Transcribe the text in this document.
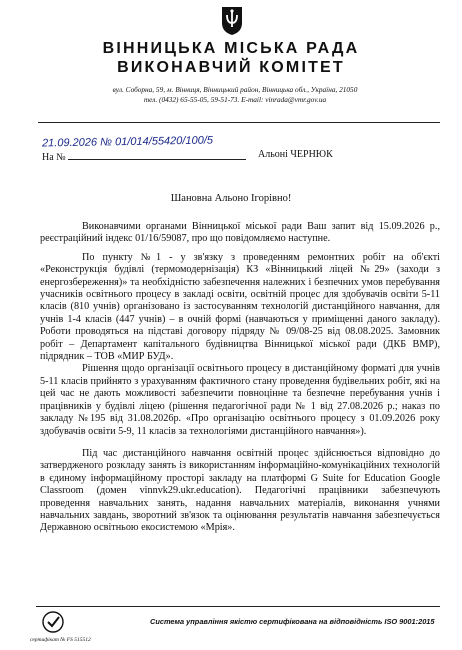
ВІННИЦЬКА МІСЬКА РАДА
ВИКОНАВЧИЙ КОМІТЕТ
вул. Соборна, 59, м. Вінниця, Вінницький район, Вінницька обл., Україна, 21050
тел. (0432) 65-55-05, 59-51-73. E-mail: vinrada@vmr.gov.ua
21.09.2026 № 01/014/55420/100/5
На №	Альоні ЧЕРНЮК
Шановна Альоно Ігорівно!

Виконавчими органами Вінницької міської ради Ваш запит від 15.09.2026 р., реєстраційний індекс 01/16/59087, про що повідомляємо наступне.

По пункту №1 - у зв'язку з проведенням ремонтних робіт на об'єкті «Реконструкція будівлі (термомодернізація) КЗ «Вінницький ліцей №29» (заходи з енергозбереження)» та необхідністю забезпечення належних і безпечних умов перебування учасників освітнього процесу в закладі освіти, освітній процес для здобувачів освіти 5-11 класів (810 учнів) організовано із застосуванням технологій дистанційного навчання, для учнів 1-4 класів (447 учнів) – в очній формі (навчаються у приміщенні даного закладу). Роботи проводяться на підставі договору підряду № 09/08-25 від 08.08.2025. Замовник робіт – Департамент капітального будівництва Вінницької міської ради (ДКБ ВМР), підрядник – ТОВ «МИР БУД».

Рішення щодо організації освітнього процесу в дистанційному форматі для учнів 5-11 класів прийнято з урахуванням фактичного стану проведення будівельних робіт, які на цей час не дають можливості забезпечити повноцінне та безпечне перебування учнів і працівників у будівлі ліцею (рішення педагогічної ради № 1 від 27.08.2026 р.; наказ по закладу №195 від 31.08.2026р. «Про організацію освітнього процесу з 01.09.2026 року здобувачів освіти 5-9, 11 класів за технологіями дистанційного навчання»).

Під час дистанційного навчання освітній процес здійснюється відповідно до затвердженого розкладу занять із використанням інформаційно-комунікаційних технологій в єдиному інформаційному просторі закладу на платформі G Suite for Education Google Classroom (домен vinnvk29.ukr.education). Педагогічні працівники забезпечують проведення навчальних занять, надання навчальних матеріалів, виконання учнями навчальних завдань, зворотний зв'язок та оцінювання результатів навчання забезпечується Державною освітньою екосистемою «Мрія».

сертифікат № FS 515512
Система управління якістю сертифікована на відповідність ISO 9001:2015
